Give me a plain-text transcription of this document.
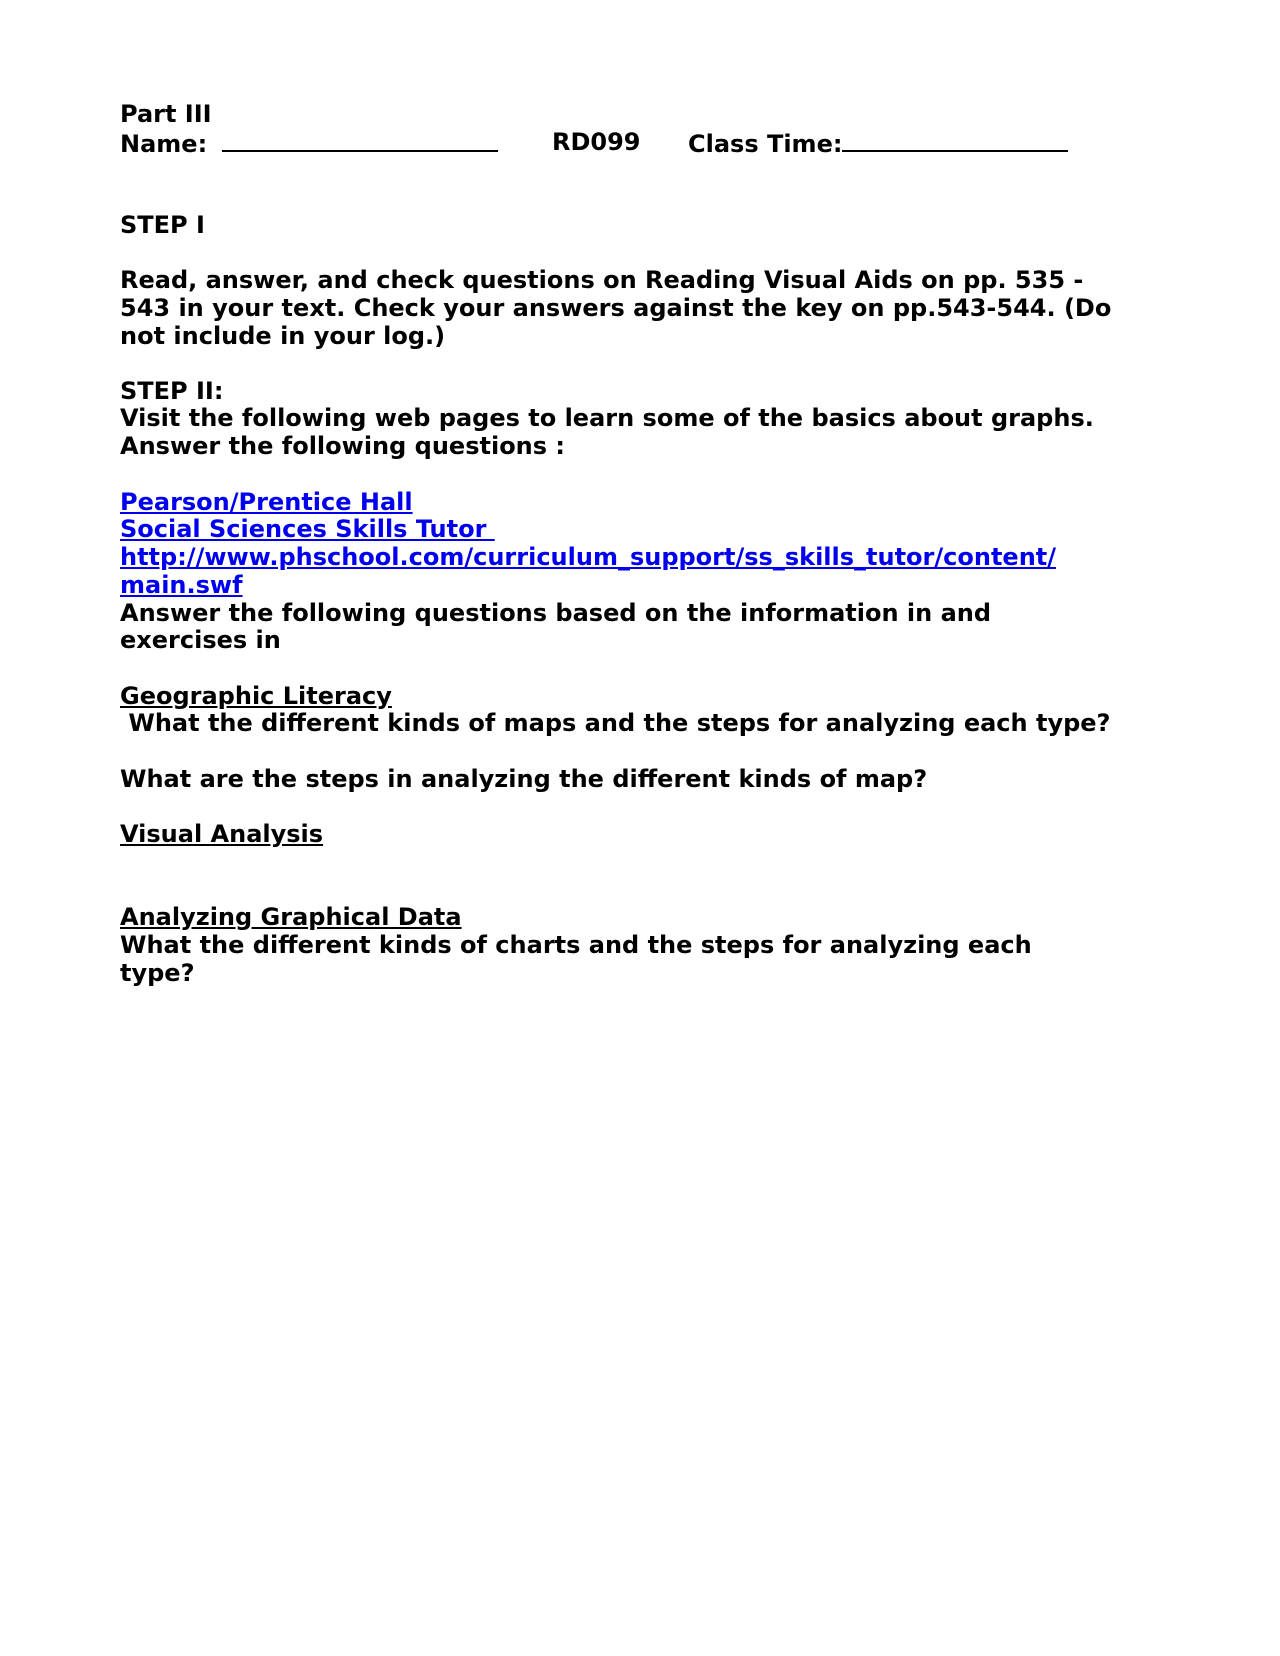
Part III
Name:	RD099 Class Time:
STEP I
Read, answer, and check questions on Reading Visual Aids on pp. 535 -
543 in your text. Check your answers against the key on pp.543-544. (Do
not include in your log.)
STEP II:
Visit the following web pages to learn some of the basics about graphs.
Answer the following questions :
Pearson/Prentice Hall
Social Sciences Skills Tutor
http://www.phschool.com/curriculum_support/ss_skills_tutor/content/
main.swf
Answer the following questions based on the information in and
exercises in
Geographic Literacy
What the different kinds of maps and the steps for analyzing each type?
What are the steps in analyzing the different kinds of map?
Visual Analysis
Analyzing Graphical Data
What the different kinds of charts and the steps for analyzing each
type?
